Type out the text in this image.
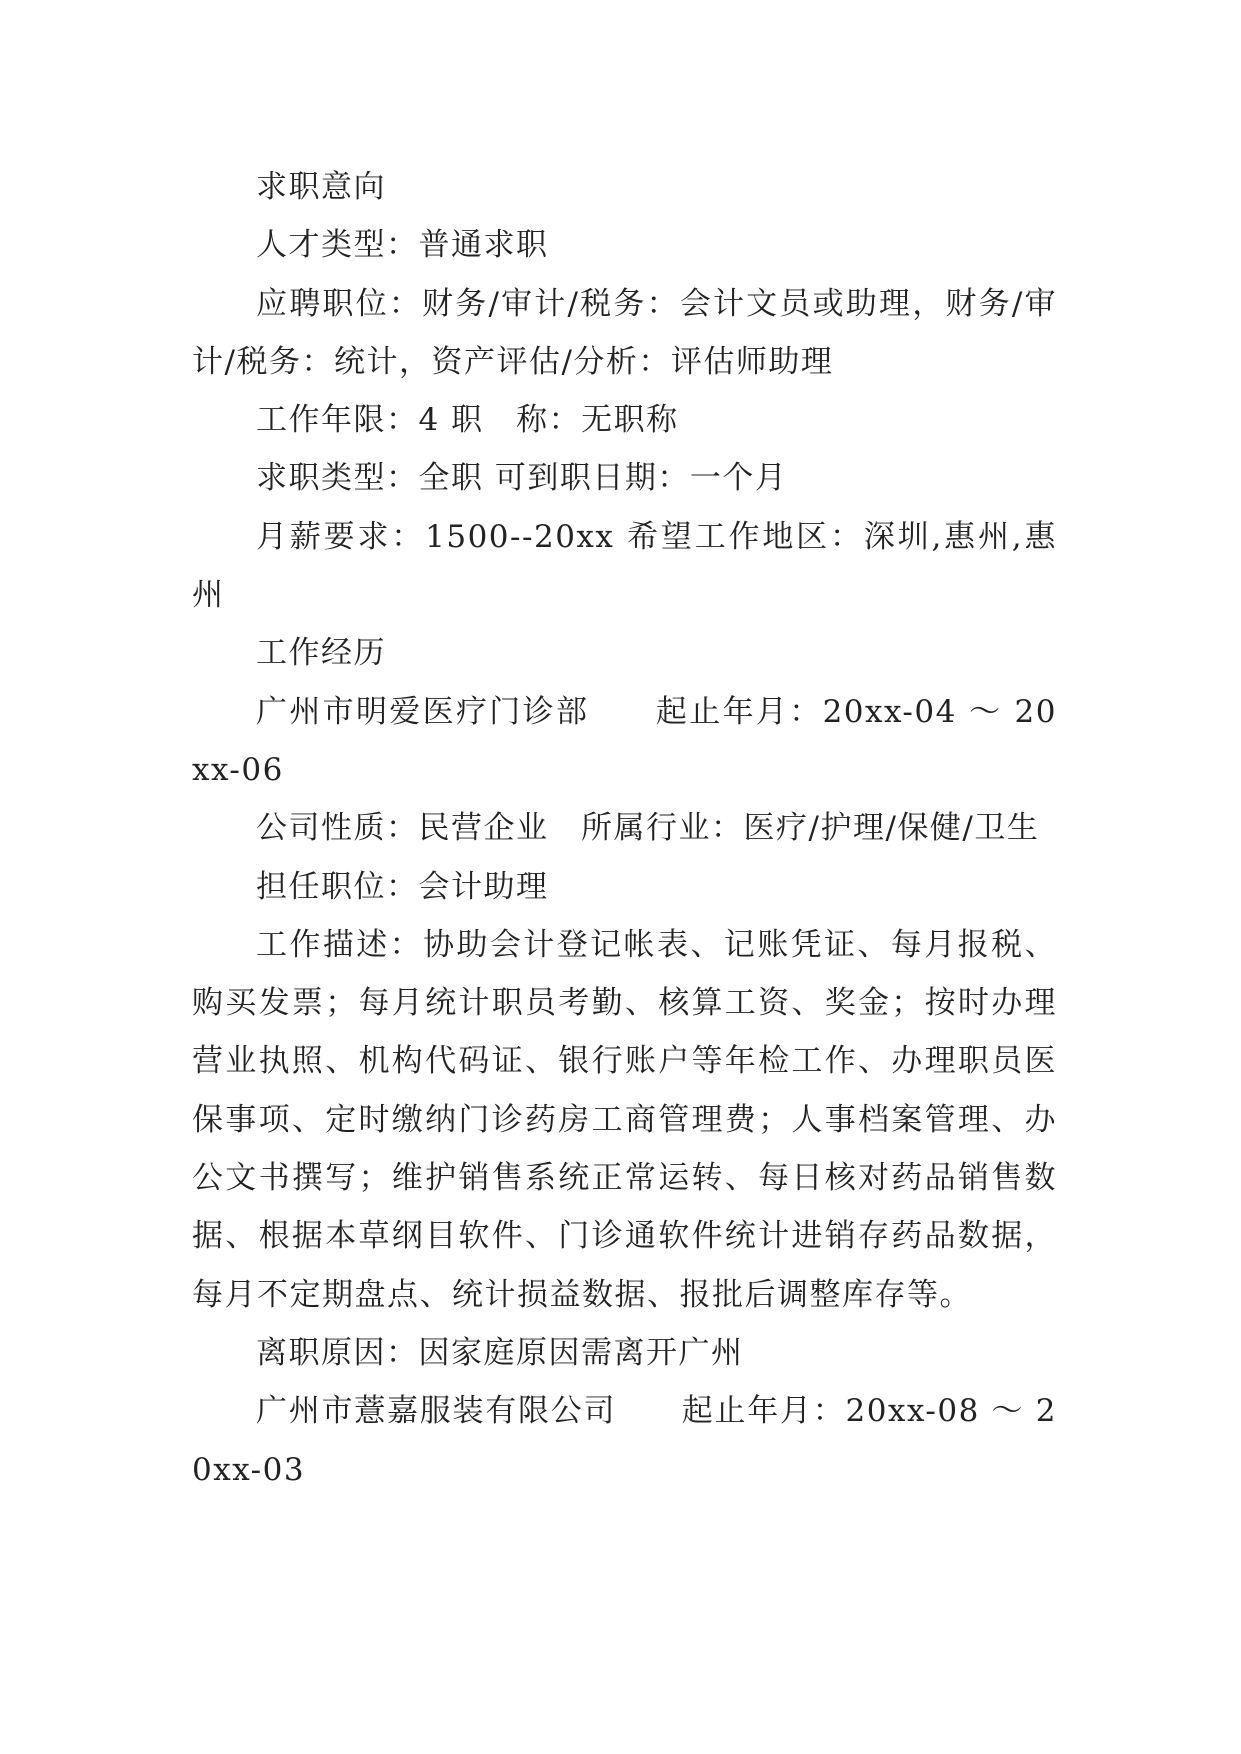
求职意向

人才类型：普通求职

应聘职位：财务/审计/税务：会计文员或助理，财务/审计/税务：统计，资产评估/分析：评估师助理

工作年限：4 职　称：无职称

求职类型：全职 可到职日期：一个月

月薪要求：1500--20xx 希望工作地区：深圳,惠州,惠州

工作经历

广州市明爱医疗门诊部　　起止年月：20xx-04 ～ 20xx-06

公司性质：民营企业　所属行业：医疗/护理/保健/卫生

担任职位：会计助理

工作描述：协助会计登记帐表、记账凭证、每月报税、购买发票；每月统计职员考勤、核算工资、奖金；按时办理营业执照、机构代码证、银行账户等年检工作、办理职员医保事项、定时缴纳门诊药房工商管理费；人事档案管理、办公文书撰写；维护销售系统正常运转、每日核对药品销售数据、根据本草纲目软件、门诊通软件统计进销存药品数据，每月不定期盘点、统计损益数据、报批后调整库存等。

离职原因：因家庭原因需离开广州

广州市薏嘉服装有限公司　　起止年月：20xx-08 ～ 20xx-03
